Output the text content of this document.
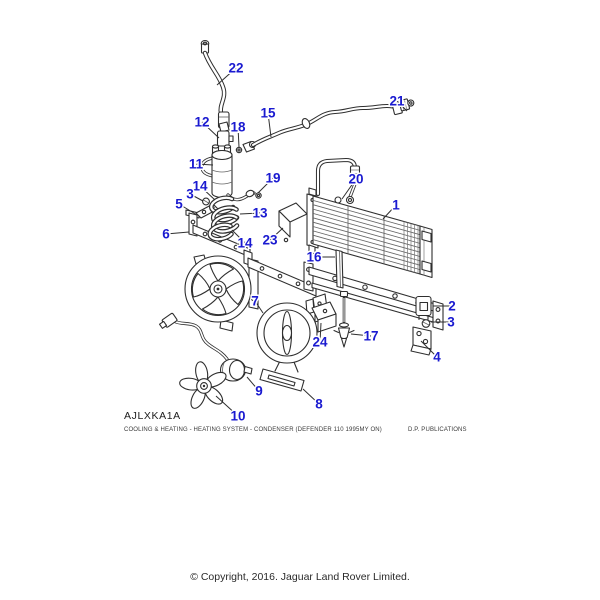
22
21
15
12 18
11
19	20
14
3
1
5
13
6	23
14
16
7	2
3
24	17
4
9
8
10
AJLXKA1A
COOLING & HEATING - HEATING SYSTEM - CONDENSER (DEFENDER 110 1995MY ON)	D.P. PUBLICATIONS
© Copyright, 2016. Jaguar Land Rover Limited.
